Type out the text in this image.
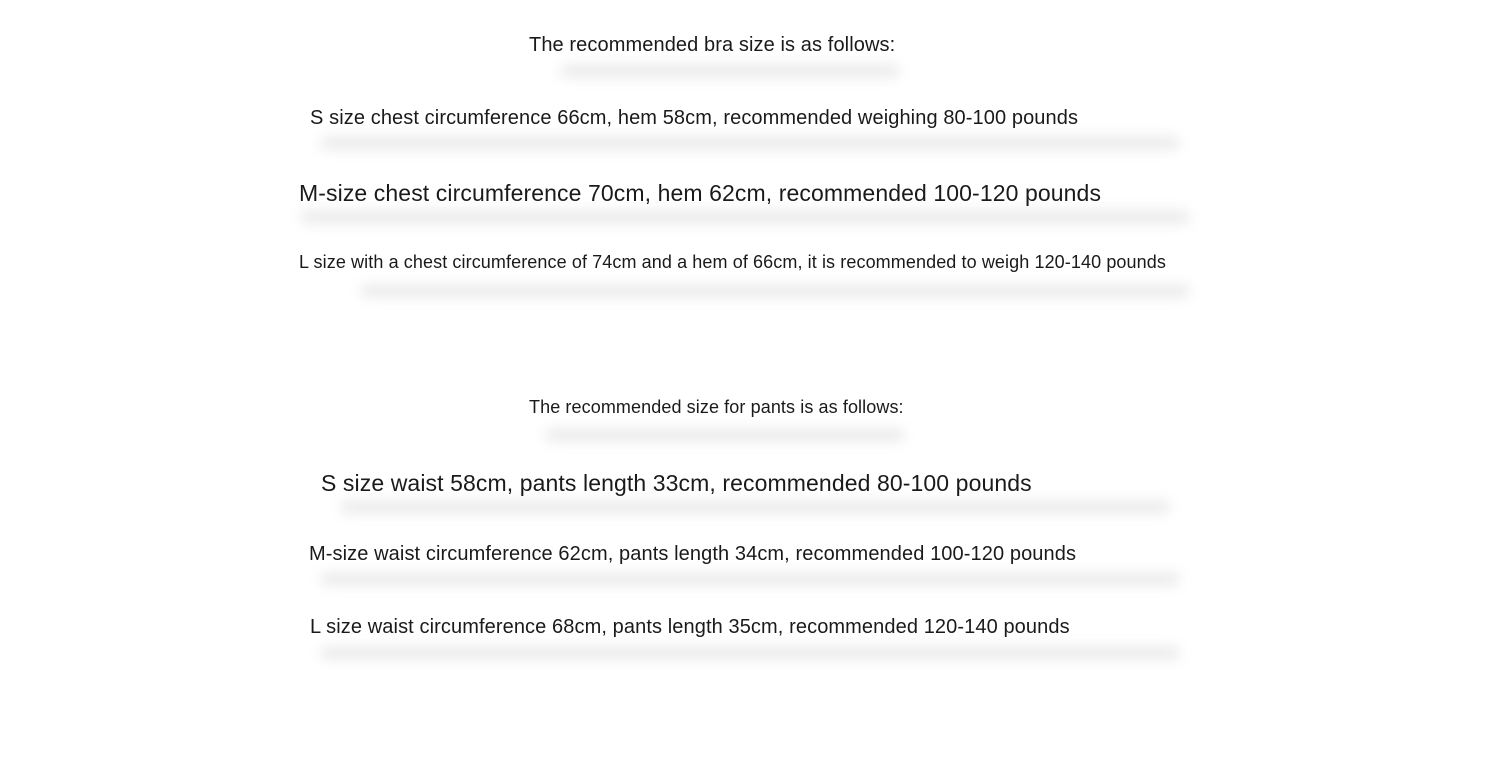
The recommended bra size is as follows:

S size chest circumference 66cm, hem 58cm, recommended weighing 80-100 pounds

M-size chest circumference 70cm, hem 62cm, recommended 100-120 pounds

L size with a chest circumference of 74cm and a hem of 66cm, it is recommended to weigh 120-140 pounds

The recommended size for pants is as follows:

S size waist 58cm, pants length 33cm, recommended 80-100 pounds

M-size waist circumference 62cm, pants length 34cm, recommended 100-120 pounds

L size waist circumference 68cm, pants length 35cm, recommended 120-140 pounds
